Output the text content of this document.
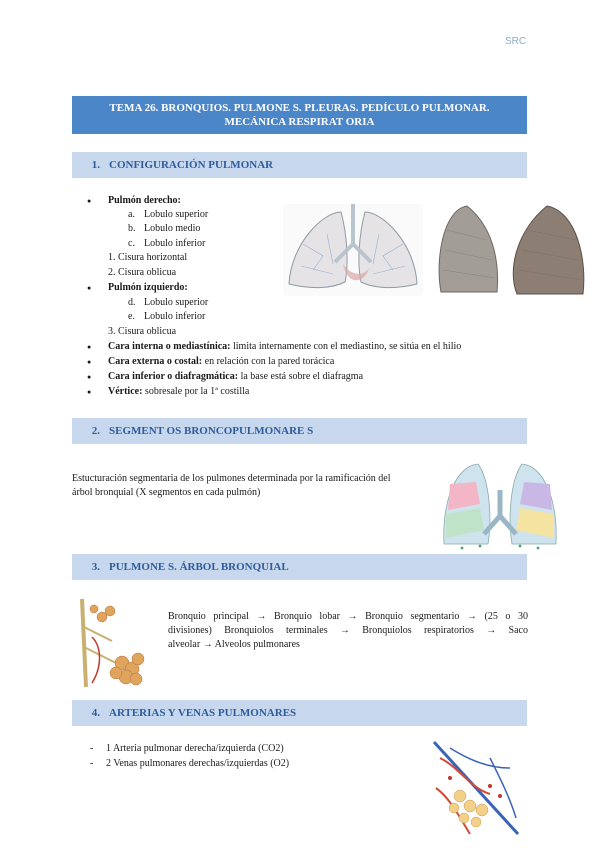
SRC
TEMA 26. BRONQUIOS. PULMONE S. PLEURAS. PEDÍCULO PULMONAR.
MECÁNICA RESPIRAT ORIA
1. CONFIGURACIÓN PULMONAR
● Pulmón derecho:
a. Lobulo superior
b. Lobulo medio
c. Lobulo inferior
1. Cisura horizontal
2. Cisura oblicua
● Pulmón izquierdo:
d. Lobulo superior
e. Lobulo inferior
3. Cisura oblicua
● Cara interna o mediastínica: limita internamente con el mediastino, se sitúa en el hilio
● Cara externa o costal: en relación con la pared torácica
● Cara inferior o diafragmática: la base está sobre el diafragma
● Vértice: sobresale por la 1ª costilla
2. SEGMENT OS BRONCOPULMONARE S
Estucturación segmentaria de los pulmones determinada por la ramificación del
árbol bronquial (X segmentos en cada pulmón)
3. PULMONE S. ÁRBOL BRONQUIAL
Bronquio principal → Bronquio lobar → Bronquio segmentario → (25 o 30
divisiones) Bronquiolos terminales → Bronquiolos respiratorios → Saco
alveolar → Alveolos pulmonares
4. ARTERIAS Y VENAS PULMONARES
- 1 Arteria pulmonar derecha/izquierda (CO2)
- 2 Venas pulmonares derechas/izquierdas (O2)
